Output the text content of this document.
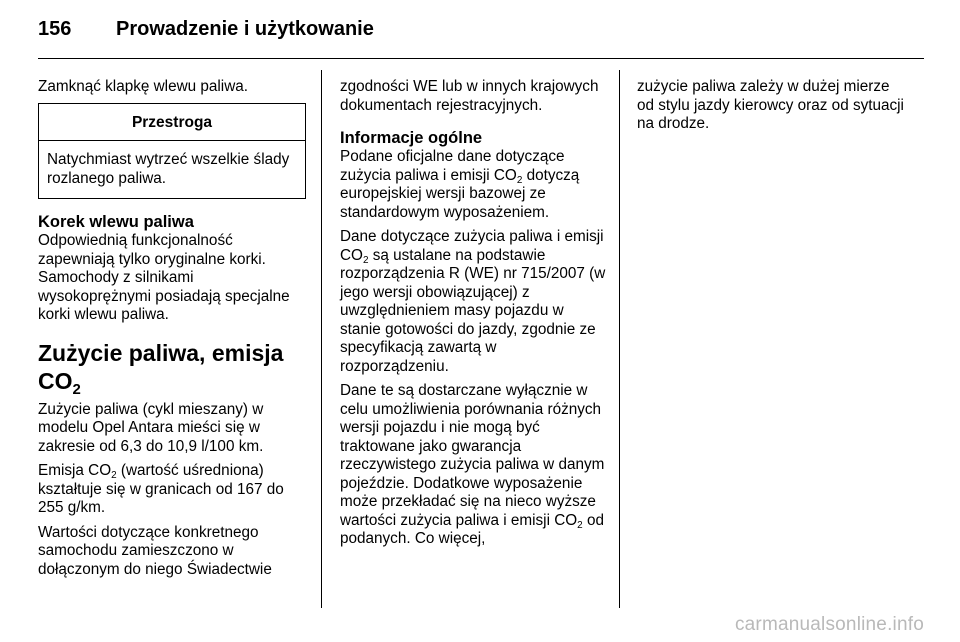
156	Prowadzenie i użytkowanie

Zamknąć klapkę wlewu paliwa.

Przestroga
Natychmiast wytrzeć wszelkie ślady rozlanego paliwa.
Korek wlewu paliwa

Odpowiednią funkcjonalność zapewniają tylko oryginalne korki. Samochody z silnikami wysokoprężnymi posiadają specjalne korki wlewu paliwa.

Zużycie paliwa, emisja $CO_2$

Zużycie paliwa (cykl mieszany) w modelu Opel Antara mieści się w zakresie od 6,3 do 10,9 l/100 km.

Emisja $CO_2$ (wartość uśredniona) kształtuje się w granicach od 167 do 255 g/km.

Wartości dotyczące konkretnego samochodu zamieszczono w dołączonym do niego Świadectwie

zgodności WE lub w innych krajowych dokumentach rejestracyjnych.

Informacje ogólne

Podane oficjalne dane dotyczące zużycia paliwa i emisji $CO_2$ dotyczą europejskiej wersji bazowej ze standardowym wyposażeniem.

Dane dotyczące zużycia paliwa i emisji $CO_2$ są ustalane na podstawie rozporządzenia R (WE) nr 715/2007 (w jego wersji obowiązującej) z uwzględnieniem masy pojazdu w stanie gotowości do jazdy, zgodnie ze specyfikacją zawartą w rozporządzeniu.

Dane te są dostarczane wyłącznie w celu umożliwienia porównania różnych wersji pojazdu i nie mogą być traktowane jako gwarancja rzeczywistego zużycia paliwa w danym pojeździe. Dodatkowe wyposażenie może przekładać się na nieco wyższe wartości zużycia paliwa i emisji $CO_2$ od podanych. Co więcej,

zużycie paliwa zależy w dużej mierze od stylu jazdy kierowcy oraz od sytuacji na drodze.

carmanualsonline.info
